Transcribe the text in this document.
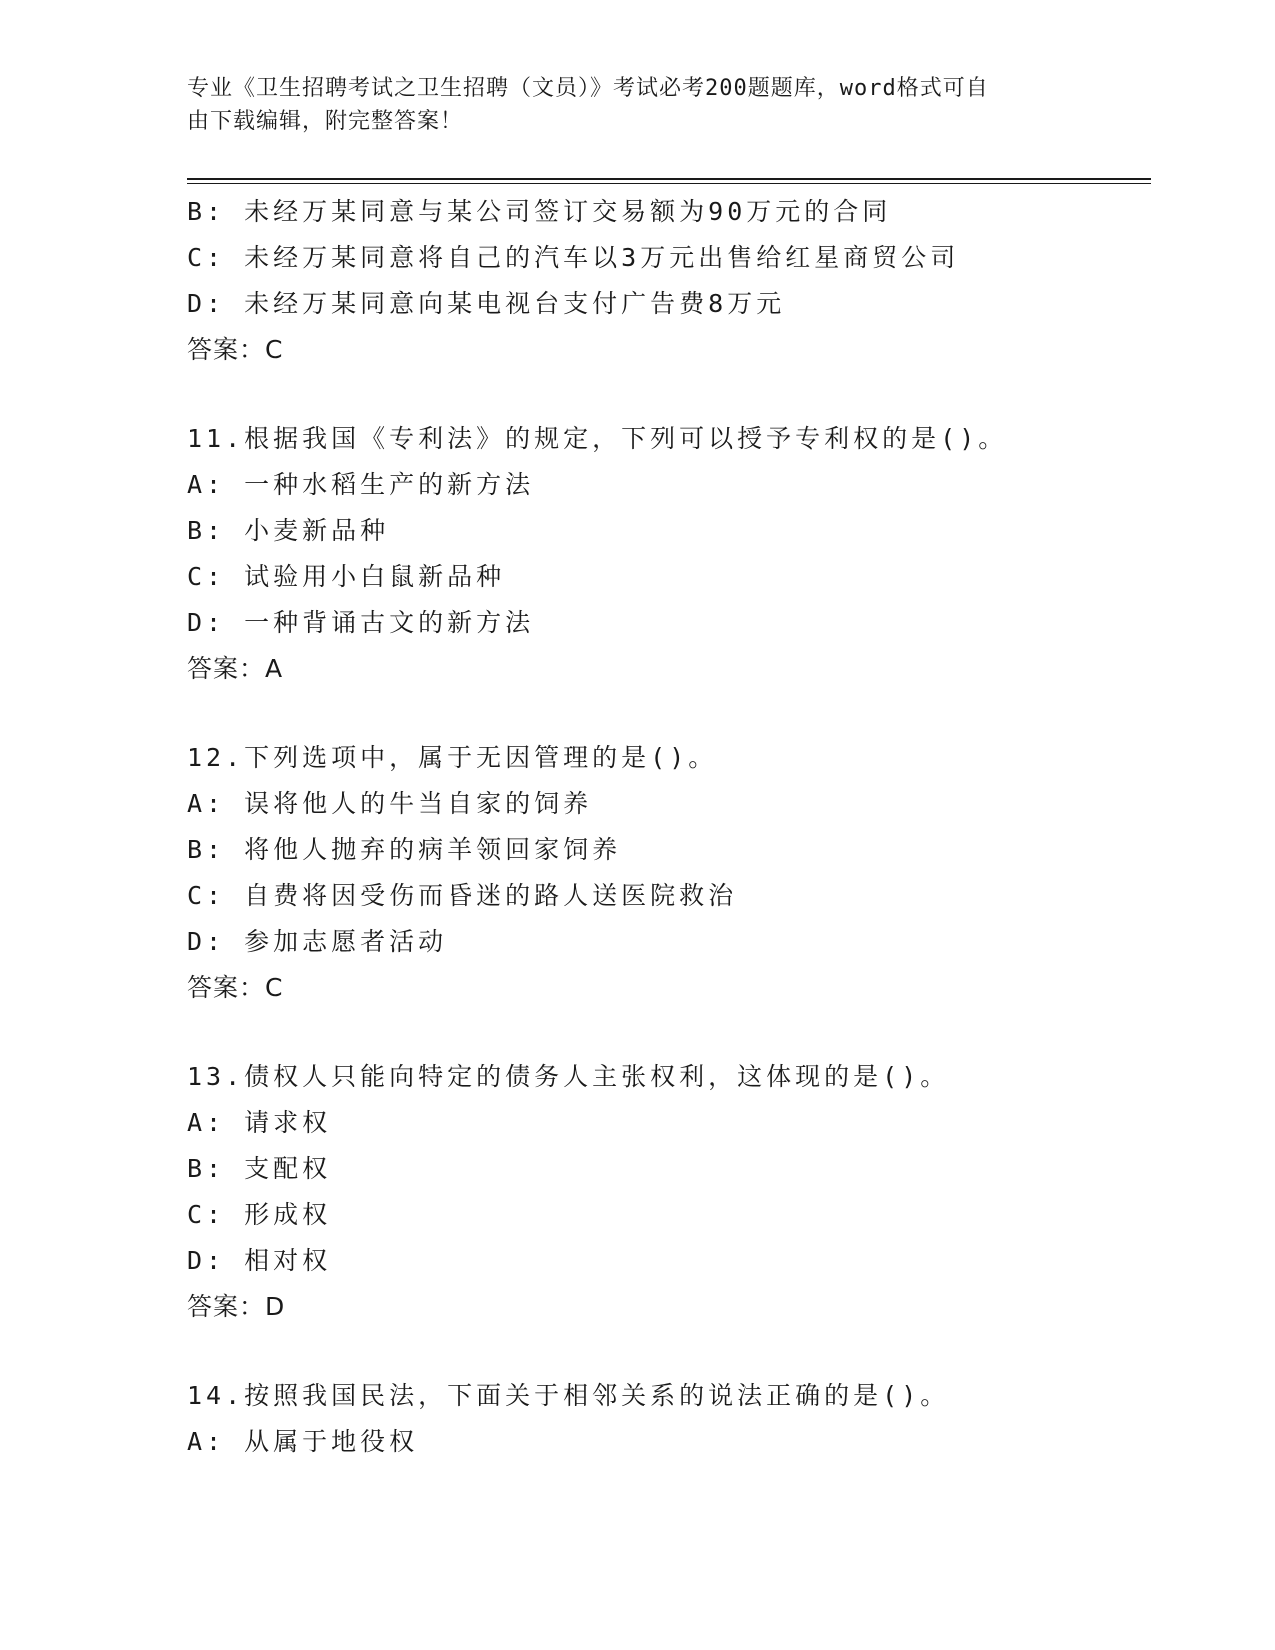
专业《卫生招聘考试之卫生招聘（文员）》考试必考200题题库，word格式可自
由下载编辑，附完整答案！
B: 未经万某同意与某公司签订交易额为90万元的合同
C: 未经万某同意将自己的汽车以3万元出售给红星商贸公司
D: 未经万某同意向某电视台支付广告费8万元
答案：C
11.根据我国《专利法》的规定，下列可以授予专利权的是()。
A: 一种水稻生产的新方法
B: 小麦新品种
C: 试验用小白鼠新品种
D: 一种背诵古文的新方法
答案：A
12.下列选项中，属于无因管理的是()。
A: 误将他人的牛当自家的饲养
B: 将他人抛弃的病羊领回家饲养
C: 自费将因受伤而昏迷的路人送医院救治
D: 参加志愿者活动
答案：C
13.债权人只能向特定的债务人主张权利，这体现的是()。
A: 请求权
B: 支配权
C: 形成权
D: 相对权
答案：D
14.按照我国民法，下面关于相邻关系的说法正确的是()。
A: 从属于地役权
